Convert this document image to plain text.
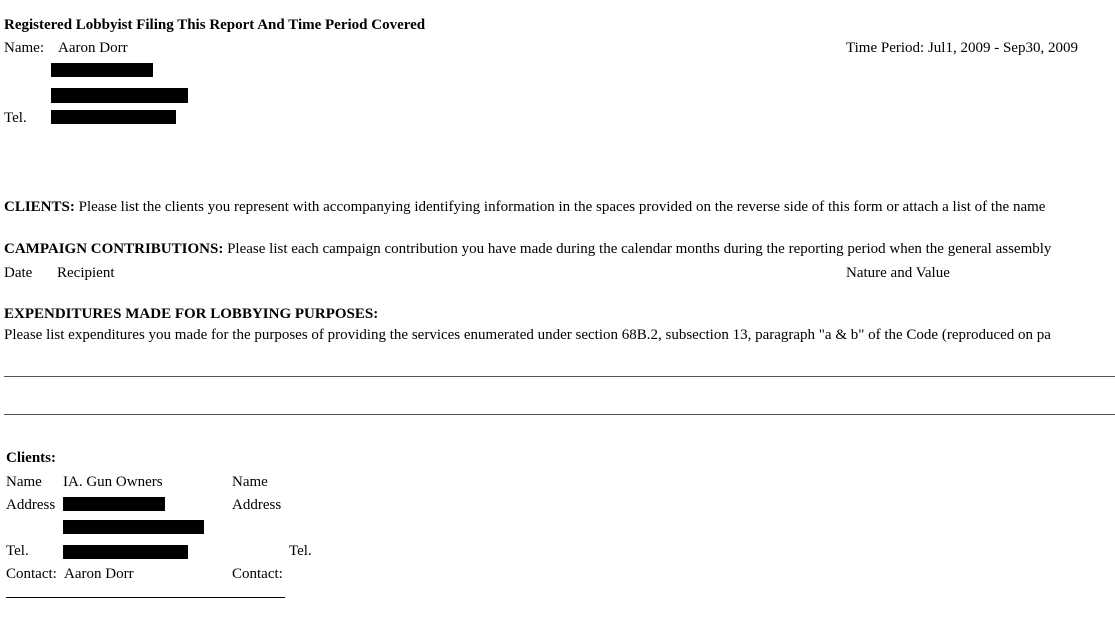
Registered Lobbyist Filing This Report And Time Period Covered
Name: Aaron Dorr	Time Period: Jul1, 2009 - Sep30, 2009
Tel.
CLIENTS: Please list the clients you represent with accompanying identifying information in the spaces provided on the reverse side of this form or attach a list of the name
CAMPAIGN CONTRIBUTIONS: Please list each campaign contribution you have made during the calendar months during the reporting period when the general assembly
Date Recipient	Nature and Value
EXPENDITURES MADE FOR LOBBYING PURPOSES:
Please list expenditures you made for the purposes of providing the services enumerated under section 68B.2, subsection 13, paragraph "a & b" of the Code (reproduced on pa
Clients:
Name IA. Gun Owners	Name
Address	Address
Tel.	Tel.
Contact: Aaron Dorr	Contact:
